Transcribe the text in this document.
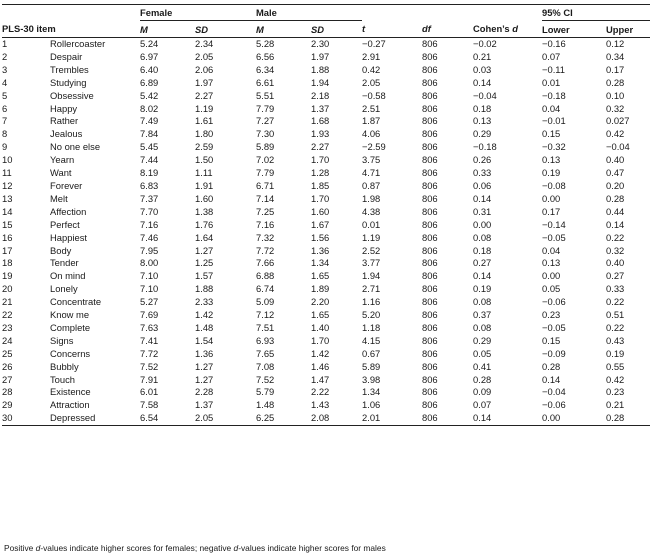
		Female		Male					95% CI	
PLS-30 item		M	SD	M	SD	t	df	Cohen’s d	Lower	Upper
1	Rollercoaster	5.24	2.34	5.28	2.30	−0.27	806	−0.02	−0.16	0.12
2	Despair	6.97	2.05	6.56	1.97	2.91	806	0.21	0.07	0.34
3	Trembles	6.40	2.06	6.34	1.88	0.42	806	0.03	−0.11	0.17
4	Studying	6.89	1.97	6.61	1.94	2.05	806	0.14	0.01	0.28
5	Obsessive	5.42	2.27	5.51	2.18	−0.58	806	−0.04	−0.18	0.10
6	Happy	8.02	1.19	7.79	1.37	2.51	806	0.18	0.04	0.32
7	Rather	7.49	1.61	7.27	1.68	1.87	806	0.13	−0.01	0.027
8	Jealous	7.84	1.80	7.30	1.93	4.06	806	0.29	0.15	0.42
9	No one else	5.45	2.59	5.89	2.27	−2.59	806	−0.18	−0.32	−0.04
10	Yearn	7.44	1.50	7.02	1.70	3.75	806	0.26	0.13	0.40
11	Want	8.19	1.11	7.79	1.28	4.71	806	0.33	0.19	0.47
12	Forever	6.83	1.91	6.71	1.85	0.87	806	0.06	−0.08	0.20
13	Melt	7.37	1.60	7.14	1.70	1.98	806	0.14	0.00	0.28
14	Affection	7.70	1.38	7.25	1.60	4.38	806	0.31	0.17	0.44
15	Perfect	7.16	1.76	7.16	1.67	0.01	806	0.00	−0.14	0.14
16	Happiest	7.46	1.64	7.32	1.56	1.19	806	0.08	−0.05	0.22
17	Body	7.95	1.27	7.72	1.36	2.52	806	0.18	0.04	0.32
18	Tender	8.00	1.25	7.66	1.34	3.77	806	0.27	0.13	0.40
19	On mind	7.10	1.57	6.88	1.65	1.94	806	0.14	0.00	0.27
20	Lonely	7.10	1.88	6.74	1.89	2.71	806	0.19	0.05	0.33
21	Concentrate	5.27	2.33	5.09	2.20	1.16	806	0.08	−0.06	0.22
22	Know me	7.69	1.42	7.12	1.65	5.20	806	0.37	0.23	0.51
23	Complete	7.63	1.48	7.51	1.40	1.18	806	0.08	−0.05	0.22
24	Signs	7.41	1.54	6.93	1.70	4.15	806	0.29	0.15	0.43
25	Concerns	7.72	1.36	7.65	1.42	0.67	806	0.05	−0.09	0.19
26	Bubbly	7.52	1.27	7.08	1.46	5.89	806	0.41	0.28	0.55
27	Touch	7.91	1.27	7.52	1.47	3.98	806	0.28	0.14	0.42
28	Existence	6.01	2.28	5.79	2.22	1.34	806	0.09	−0.04	0.23
29	Attraction	7.58	1.37	1.48	1.43	1.06	806	0.07	−0.06	0.21
30	Depressed	6.54	2.05	6.25	2.08	2.01	806	0.14	0.00	0.28
Positive d-values indicate higher scores for females; negative d-values indicate higher scores for males
